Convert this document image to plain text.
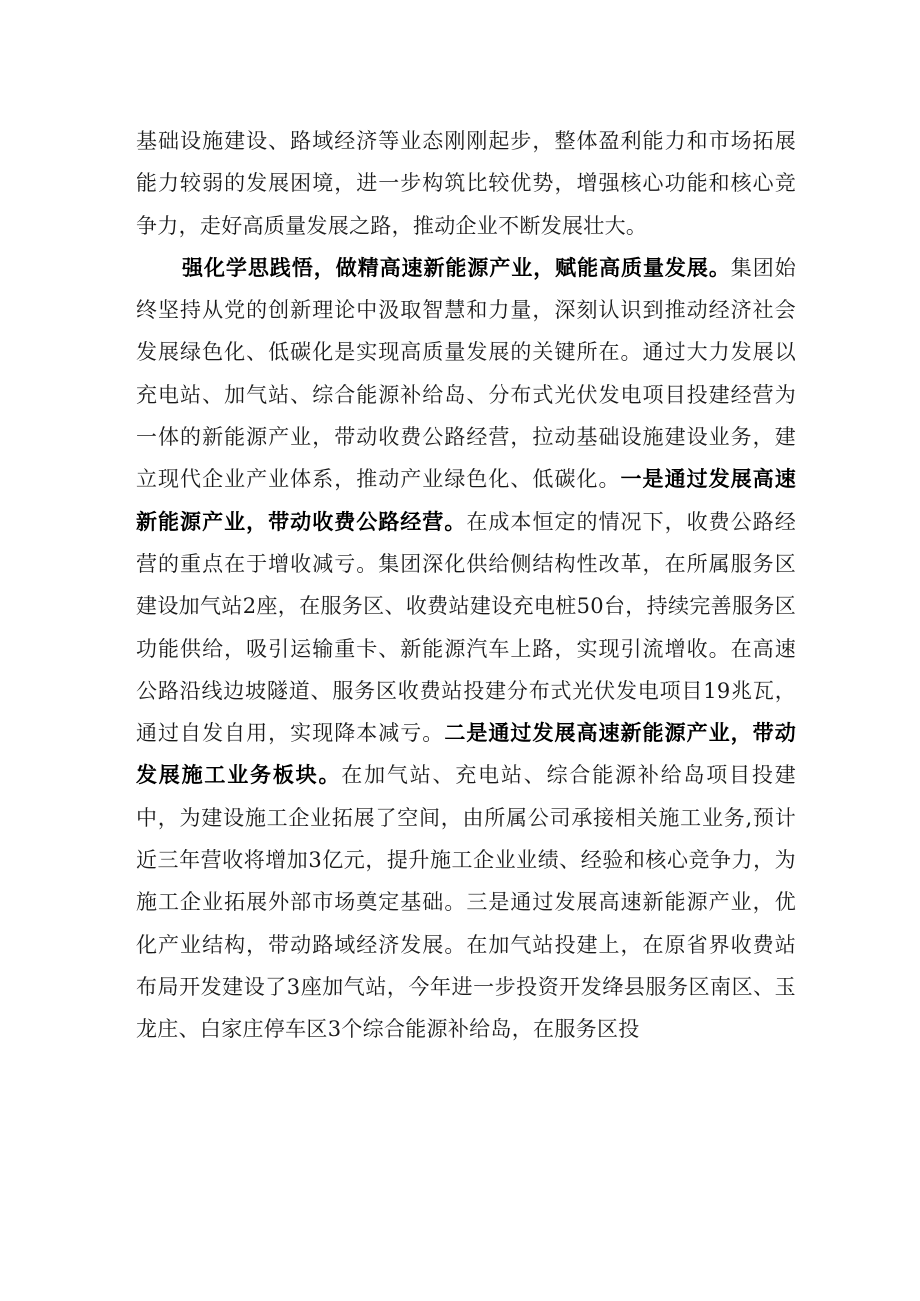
基础设施建设、路域经济等业态刚刚起步，整体盈利能力和市场拓展能力较弱的发展困境，进一步构筑比较优势，增强核心功能和核心竞争力，走好高质量发展之路，推动企业不断发展壮大。

强化学思践悟，做精高速新能源产业，赋能高质量发展。集团始终坚持从党的创新理论中汲取智慧和力量，深刻认识到推动经济社会发展绿色化、低碳化是实现高质量发展的关键所在。通过大力发展以充电站、加气站、综合能源补给岛、分布式光伏发电项目投建经营为一体的新能源产业，带动收费公路经营，拉动基础设施建设业务，建立现代企业产业体系，推动产业绿色化、低碳化。一是通过发展高速新能源产业，带动收费公路经营。在成本恒定的情况下，收费公路经营的重点在于增收减亏。集团深化供给侧结构性改革，在所属服务区建设加气站2座，在服务区、收费站建设充电桩50台，持续完善服务区功能供给，吸引运输重卡、新能源汽车上路，实现引流增收。在高速公路沿线边坡隧道、服务区收费站投建分布式光伏发电项目19兆瓦，通过自发自用，实现降本减亏。二是通过发展高速新能源产业，带动发展施工业务板块。在加气站、充电站、综合能源补给岛项目投建中，为建设施工企业拓展了空间，由所属公司承接相关施工业务,预计近三年营收将增加3亿元，提升施工企业业绩、经验和核心竞争力，为施工企业拓展外部市场奠定基础。三是通过发展高速新能源产业，优化产业结构，带动路域经济发展。在加气站投建上，在原省界收费站布局开发建设了3座加气站，今年进一步投资开发绛县服务区南区、玉龙庄、白家庄停车区3个综合能源补给岛，在服务区投
